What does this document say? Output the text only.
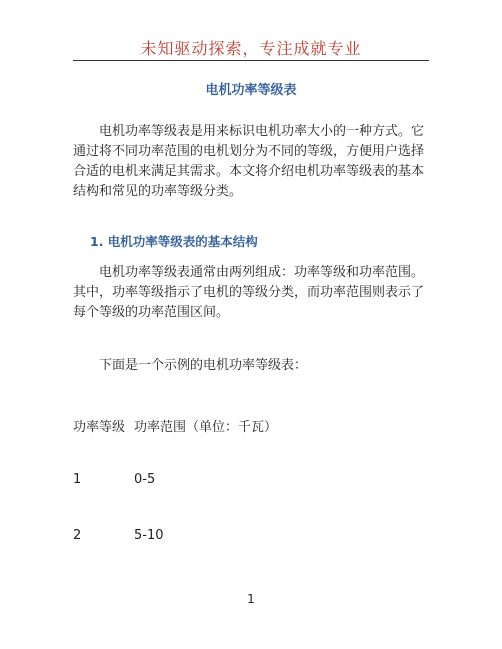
未知驱动探索，专注成就专业
电机功率等级表
电机功率等级表是用来标识电机功率大小的一种方式。它通过将不同功率范围的电机划分为不同的等级，方便用户选择合适的电机来满足其需求。本文将介绍电机功率等级表的基本结构和常见的功率等级分类。
1. 电机功率等级表的基本结构
电机功率等级表通常由两列组成：功率等级和功率范围。其中，功率等级指示了电机的等级分类，而功率范围则表示了每个等级的功率范围区间。
下面是一个示例的电机功率等级表：
功率等级 功率范围（单位：千瓦）
1	0-5
2	5-10
1
